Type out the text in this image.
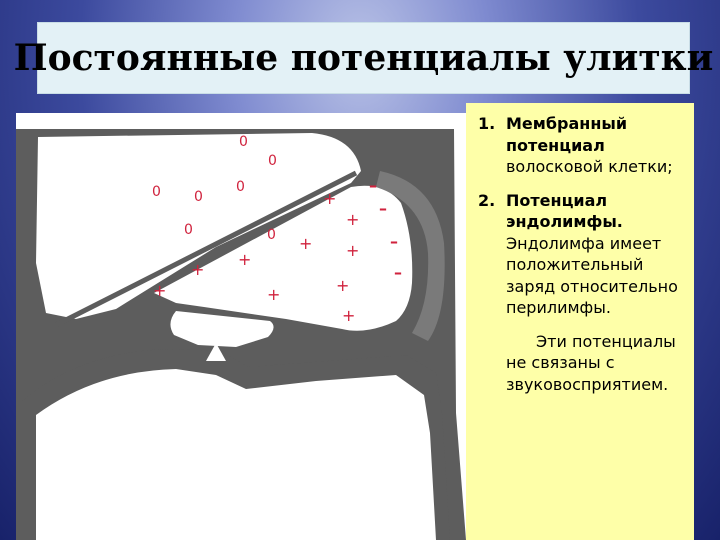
Постоянные потенциалы улитки
0
0
0 0
0
0	0
+
+
+ +
+
+
+	+	+
+
–
–
–
–
1. Мембранный потенциал волосковой клетки;
2. Потенциал эндолимфы. Эндолимфа имеет положительный заряд относительно перилимфы.
Эти потенциалы не связаны с звуковосприятием.
